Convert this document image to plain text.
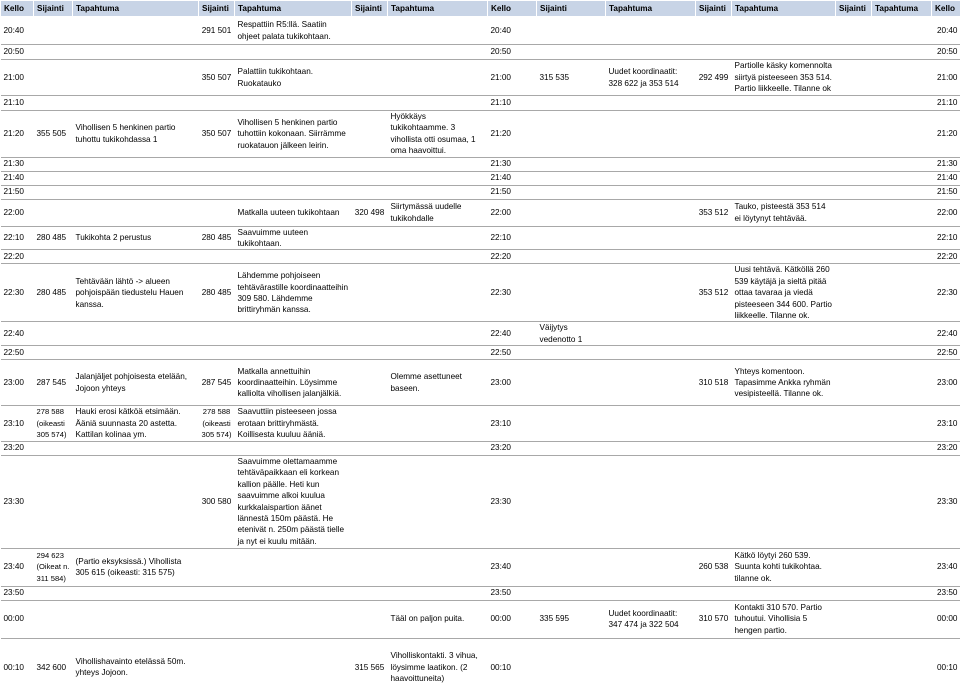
Kello	Sijainti	Tapahtuma	Sijainti	Tapahtuma	Sijainti	Tapahtuma	Kello	Sijainti	Tapahtuma	Sijainti	Tapahtuma	Sijainti	Tapahtuma	Kello
20:40			291 501	Respattiin R5:llä. Saatiin ohjeet palata tukikohtaan.			20:40							20:40
20:50							20:50							20:50
21:00			350 507	Palattiin tukikohtaan. Ruokatauko			21:00	315 535	Uudet koordinaatit: 328 622 ja 353 514	292 499	Partiolle käsky komennolta siirtyä pisteeseen 353 514. Partio liikkeelle. Tilanne ok			21:00
21:10							21:10							21:10
21:20	355 505	Vihollisen 5 henkinen partio tuhottu tukikohdassa 1	350 507	Vihollisen 5 henkinen partio tuhottiin kokonaan. Siirrämme ruokatauon jälkeen leirin.		Hyökkäys tukikohtaamme. 3 vihollista otti osumaa, 1 oma haavoittui.	21:20							21:20
21:30							21:30							21:30
21:40							21:40							21:40
21:50							21:50							21:50
22:00				Matkalla uuteen tukikohtaan	320 498	Siirtymässä uudelle tukikohdalle	22:00			353 512	Tauko, pisteestä 353 514 ei löytynyt tehtävää.			22:00
22:10	280 485	Tukikohta 2 perustus	280 485	Saavuimme uuteen tukikohtaan.			22:10							22:10
22:20							22:20							22:20
22:30	280 485	Tehtävään lähtö -> alueen pohjoispään tiedustelu Hauen kanssa.	280 485	Lähdemme pohjoiseen tehtävärastille koordinaatteihin 309 580. Lähdemme brittiryhmän kanssa.			22:30			353 512	Uusi tehtävä. Kätköllä 260 539 käytäjä ja sieltä pitää ottaa tavaraa ja viedä pisteeseen 344 600. Partio liikkeelle. Tilanne ok.			22:30
22:40							22:40	Väijytys vedenotto 1						22:40
22:50							22:50							22:50
23:00	287 545	Jalanjäljet pohjoisesta etelään, Jojoon yhteys	287 545	Matkalla annettuihin koordinaatteihin. Löysimme kalliolta vihollisen jalanjälkiä.		Olemme asettuneet baseen.	23:00			310 518	Yhteys komentoon. Tapasimme Ankka ryhmän vesipisteellä. Tilanne ok.			23:00
23:10	278 588 (oikeasti 305 574)	Hauki erosi kätköä etsimään. Ääniä suunnasta 20 astetta. Kattilan kolinaa ym.	278 588 (oikeasti 305 574)	Saavuttiin pisteeseen jossa erotaan brittiryhmästä. Koillisesta kuuluu ääniä.			23:10							23:10
23:20							23:20							23:20
23:30			300 580	Saavuimme olettamaamme tehtäväpaikkaan eli korkean kallion päälle. Heti kun saavuimme alkoi kuulua kurkkalaispartion äänet lännestä 150m päästä. He etenivät n. 250m päästä tielle ja nyt ei kuulu mitään.			23:30							23:30
23:40	294 623 (Oikeat n. 311 584)	(Partio eksyksissä.) Vihollista 305 615 (oikeasti: 315 575)					23:40			260 538	Kätkö löytyi 260 539. Suunta kohti tukikohtaa. tilanne ok.			23:40
23:50							23:50							23:50
00:00						Tääl on paljon puita.	00:00	335 595	Uudet koordinaatit: 347 474 ja 322 504	310 570	Kontakti 310 570. Partio tuhoutui. Vihollisia 5 hengen partio.			00:00
00:10	342 600	Vihollishavainto etelässä 50m. yhteys Jojoon.			315 565	Viholliskontakti. 3 vihua, löysimme laatikon. (2 haavoittuneita)	00:10							00:10
